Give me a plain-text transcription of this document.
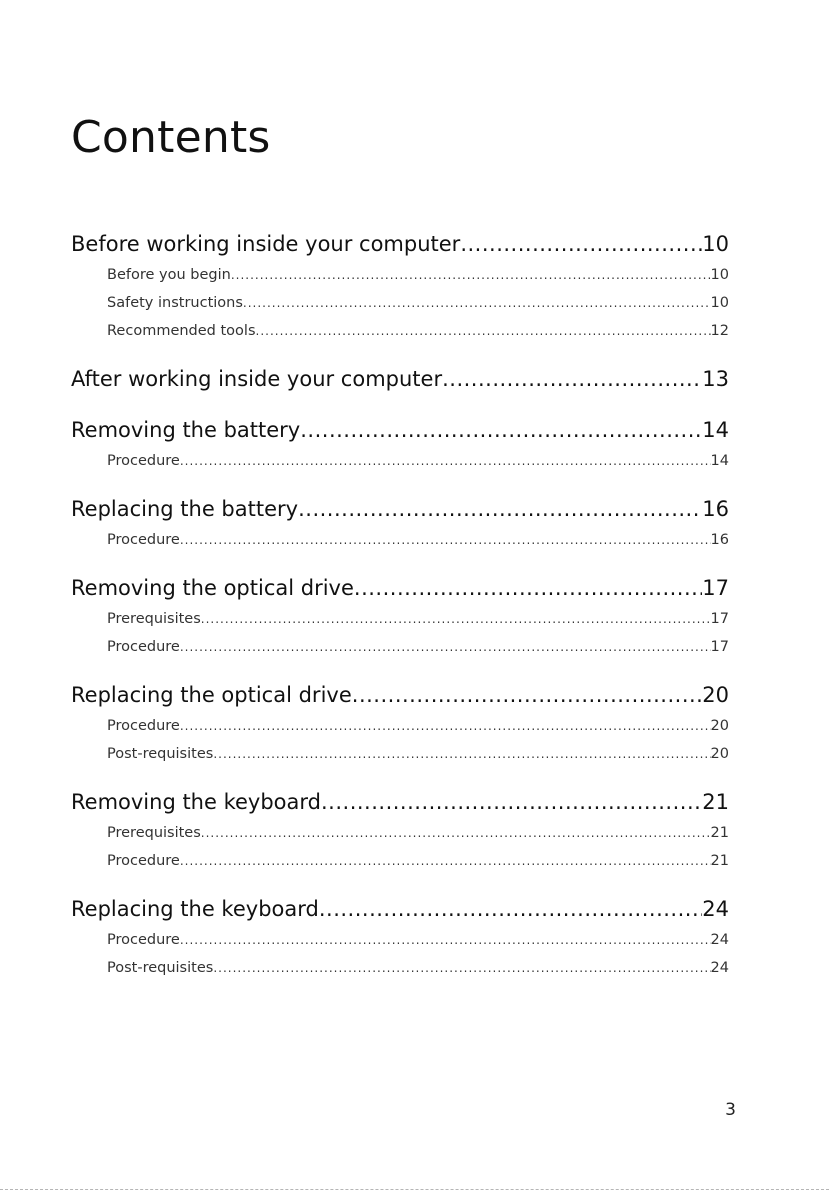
Contents
Before working inside your computer .....	10
Before you begin .....	10
Safety instructions .....	10
Recommended tools .....	12
After working inside your computer .....	13
Removing the battery .....	14
Procedure .....	14
Replacing the battery .....	16
Procedure .....	16
Removing the optical drive .....	17
Prerequisites .....	17
Procedure .....	17
Replacing the optical drive .....	20
Procedure .....	20
Post-requisites .....	20
Removing the keyboard .....	21
Prerequisites .....	21
Procedure .....	21
Replacing the keyboard .....	24
Procedure .....	24
Post-requisites .....	24
3
